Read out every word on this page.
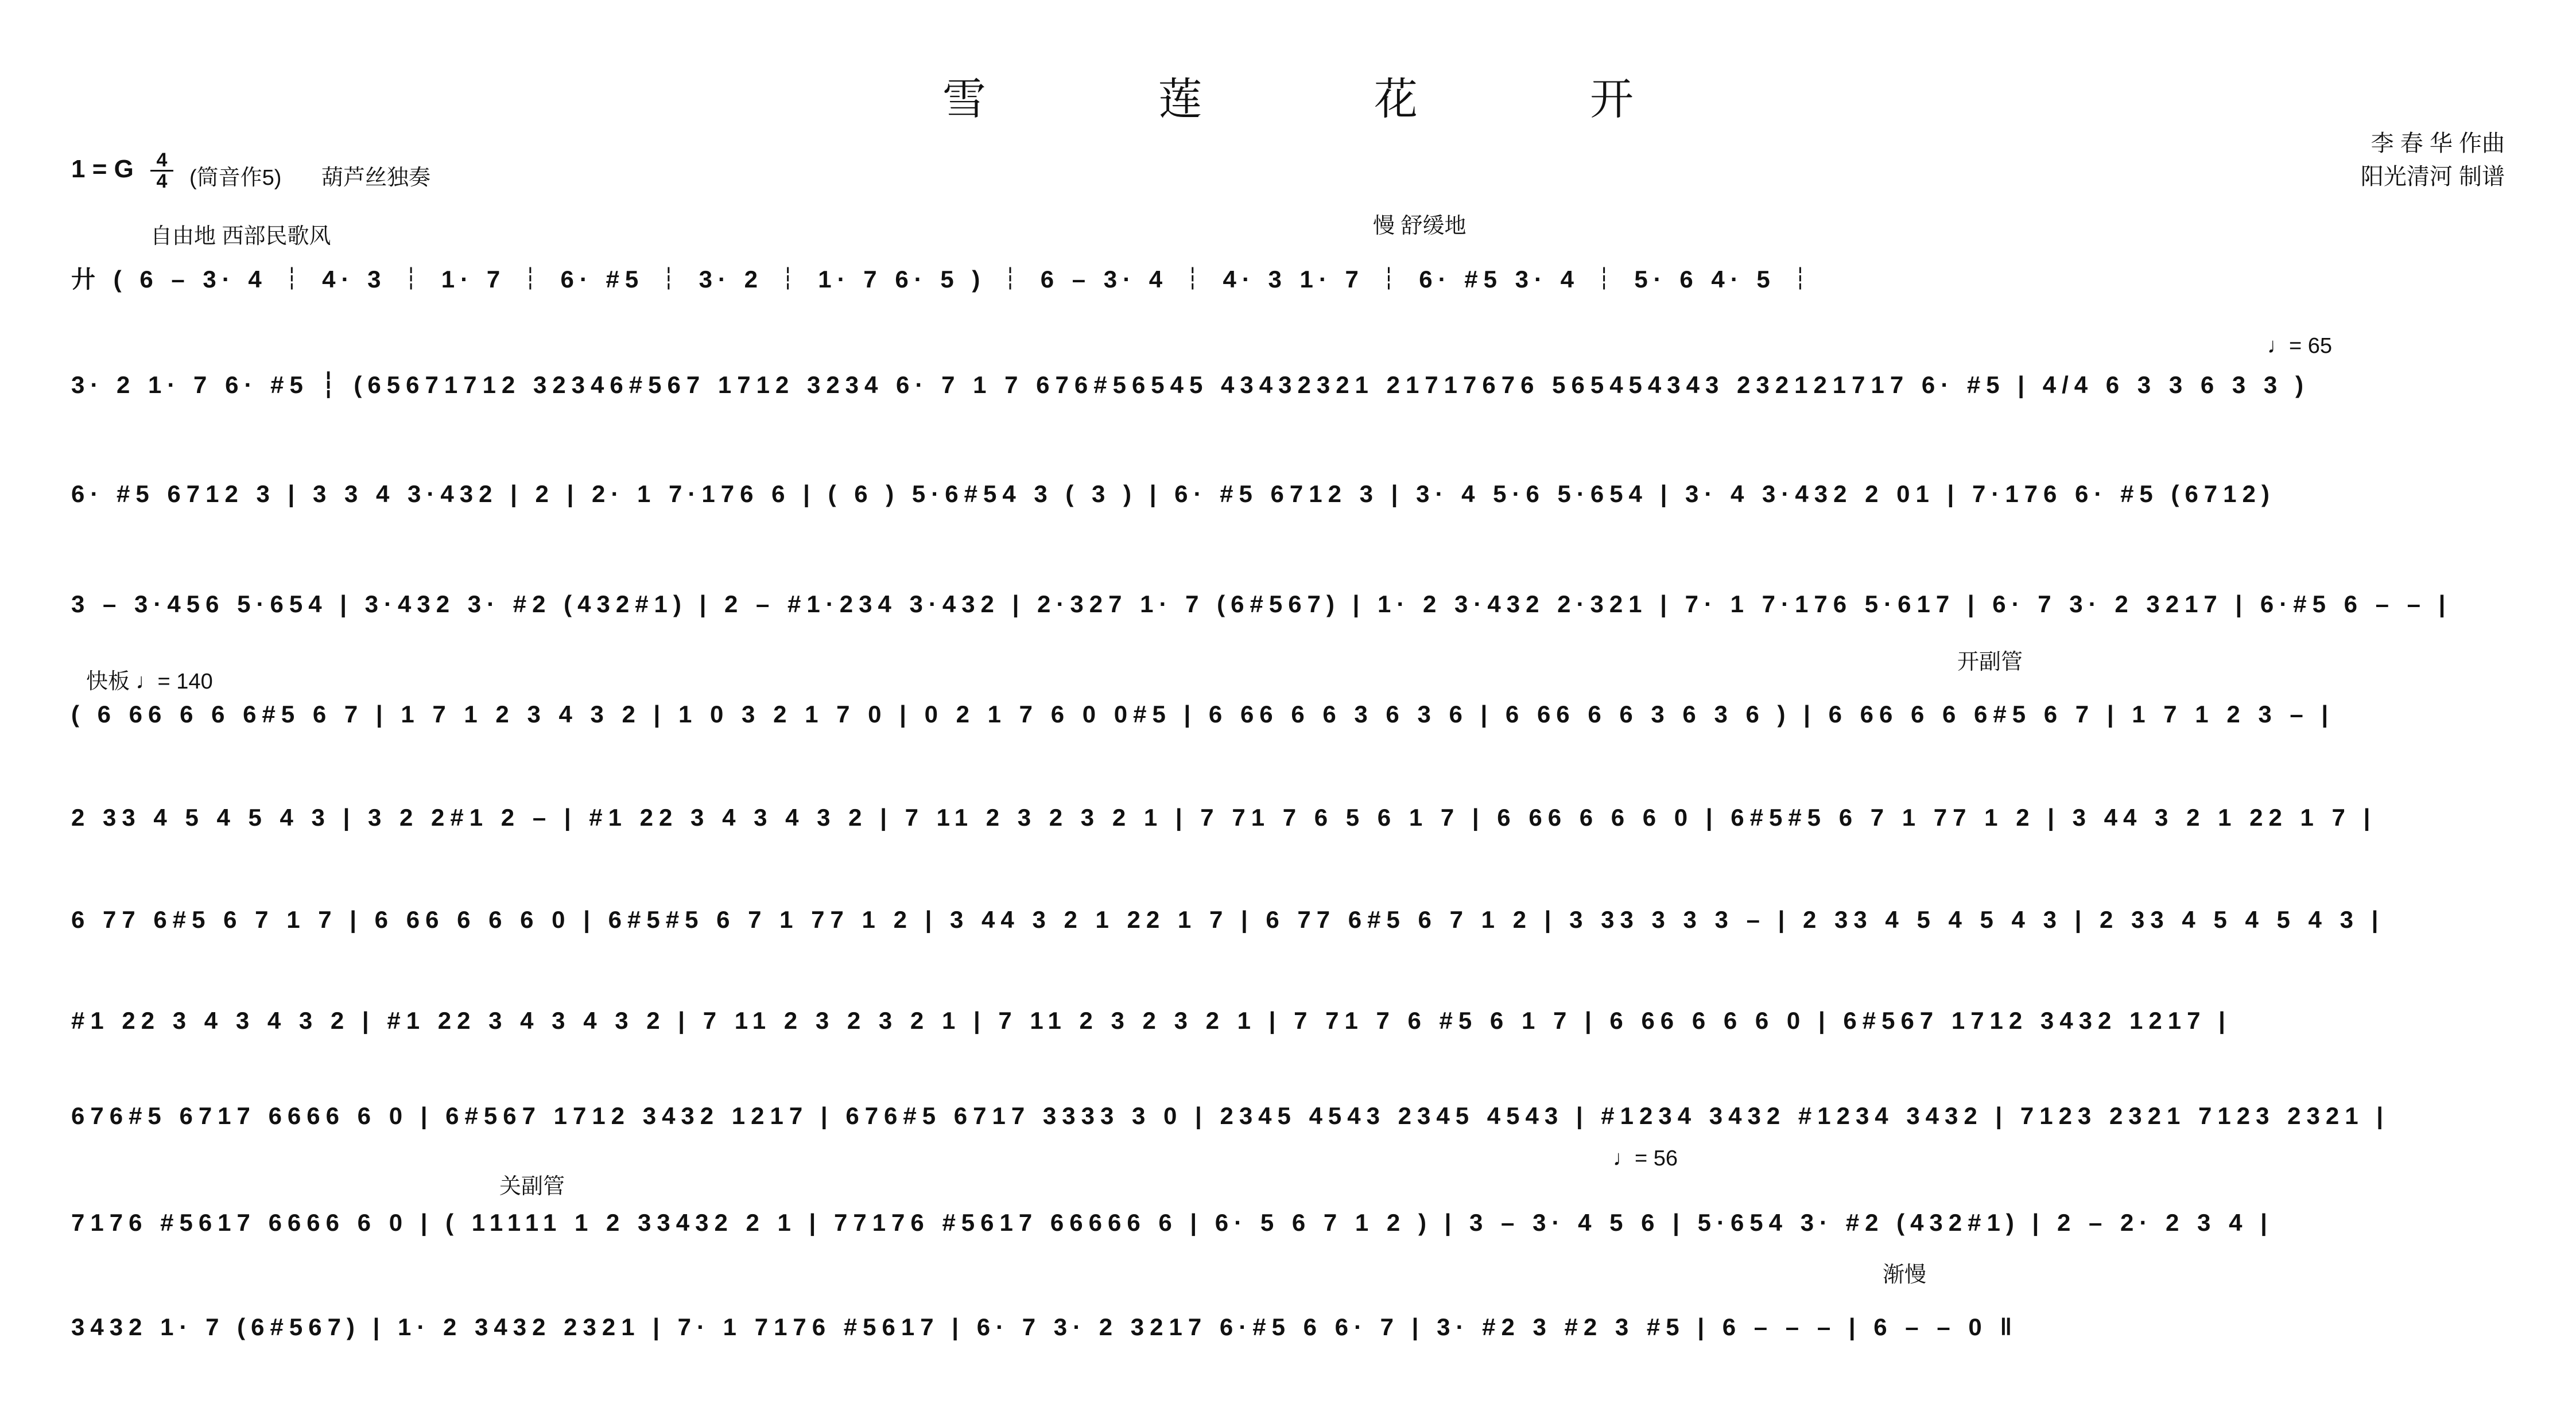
雪	莲	花	开
李 春 华 作曲
阳光清河 制谱
1 = G	4
4 (筒音作5) 葫芦丝独奏
自由地 西部民歌风	慢 舒缓地
♩= 65
快板 ♩= 140
开副管
关副管
♩= 56
渐慢
廾 ( 6 – 3· 4 ┆ 4· 3 ┆ 1· 7 ┆ 6· #5 ┆ 3· 2 ┆ 1· 7 6· 5 ) ┆ 6 – 3· 4 ┆ 4· 3 1· 7 ┆ 6· #5 3· 4 ┆ 5· 6 4· 5 ┆
3· 2 1· 7 6· #5 ┆ (65671712 32346#567 1712 3234 6· 7 1 7 676#56545 43432321 21717676 565454343 232121717 6· #5 | 4/4 6 3 3 6 3 3 )
6· #5 6712 3 | 3 3 4 3·432 | 2 | 2· 1 7·176 6 | ( 6 ) 5·6#54 3 ( 3 ) | 6· #5 6712 3 | 3· 4 5·6 5·654 | 3· 4 3·432 2 01 | 7·176 6· #5 (6712)
3 – 3·456 5·654 | 3·432 3· #2 (432#1) | 2 – #1·234 3·432 | 2·327 1· 7 (6#567) | 1· 2 3·432 2·321 | 7· 1 7·176 5·617 | 6· 7 3· 2 3217 | 6·#5 6 – – |
( 6 66 6 6 6#5 6 7 | 1 7 1 2 3 4 3 2 | 1 0 3 2 1 7 0 | 0 2 1 7 6 0 0#5 | 6 66 6 6 3 6 3 6 | 6 66 6 6 3 6 3 6 ) | 6 66 6 6 6#5 6 7 | 1 7 1 2 3 – |
2 33 4 5 4 5 4 3 | 3 2 2#1 2 – | #1 22 3 4 3 4 3 2 | 7 11 2 3 2 3 2 1 | 7 71 7 6 5 6 1 7 | 6 66 6 6 6 0 | 6#5#5 6 7 1 77 1 2 | 3 44 3 2 1 22 1 7 |
6 77 6#5 6 7 1 7 | 6 66 6 6 6 0 | 6#5#5 6 7 1 77 1 2 | 3 44 3 2 1 22 1 7 | 6 77 6#5 6 7 1 2 | 3 33 3 3 3 – | 2 33 4 5 4 5 4 3 | 2 33 4 5 4 5 4 3 |
#1 22 3 4 3 4 3 2 | #1 22 3 4 3 4 3 2 | 7 11 2 3 2 3 2 1 | 7 11 2 3 2 3 2 1 | 7 71 7 6 #5 6 1 7 | 6 66 6 6 6 0 | 6#567 1712 3432 1217 |
676#5 6717 6666 6 0 | 6#567 1712 3432 1217 | 676#5 6717 3333 3 0 | 2345 4543 2345 4543 | #1234 3432 #1234 3432 | 7123 2321 7123 2321 |
7176 #5617 6666 6 0 | ( 11111 1 2 33432 2 1 | 77176 #5617 66666 6 | 6· 5 6 7 1 2 ) | 3 – 3· 4 5 6 | 5·654 3· #2 (432#1) | 2 – 2· 2 3 4 |
3432 1· 7 (6#567) | 1· 2 3432 2321 | 7· 1 7176 #5617 | 6· 7 3· 2 3217 6·#5 6 6· 7 | 3· #2 3 #2 3 #5 | 6 – – – | 6 – – 0 ‖
